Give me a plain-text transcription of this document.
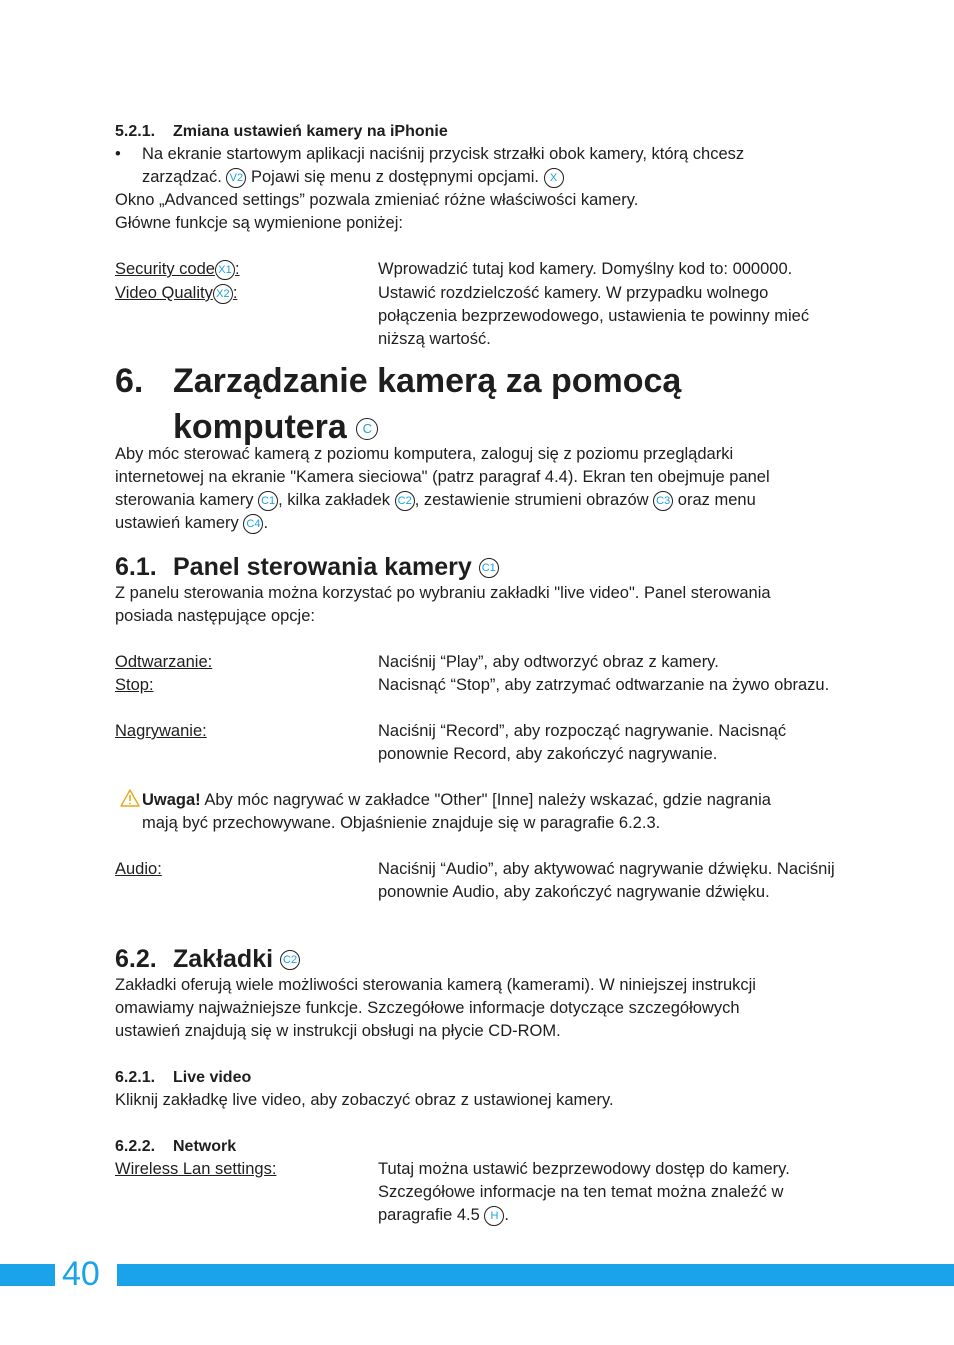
5.2.1. Zmiana ustawień kamery na iPhonie
• Na ekranie startowym aplikacji naciśnij przycisk strzałki obok kamery, którą chcesz
zarządzać. V2 Pojawi się menu z dostępnymi opcjami. X
Okno „Advanced settings” pozwala zmieniać różne właściwości kamery.
Główne funkcje są wymienione poniżej:
Security code X1 :	Wprowadzić tutaj kod kamery. Domyślny kod to: 000000.
Video Quality X2 :	Ustawić rozdzielczość kamery. W przypadku wolnego połączenia bezprzewodowego, ustawienia te powinny mieć niższą wartość.
6. Zarządzanie kamerą za pomocą
komputera C
Aby móc sterować kamerą z poziomu komputera, zaloguj się z poziomu przeglądarki
internetowej na ekranie "Kamera sieciowa" (patrz paragraf 4.4). Ekran ten obejmuje panel
sterowania kamery C1 , kilka zakładek C2 , zestawienie strumieni obrazów C3 oraz menu
ustawień kamery C4 .
6.1. Panel sterowania kamery C1
Z panelu sterowania można korzystać po wybraniu zakładki "live video". Panel sterowania
posiada następujące opcje:
Odtwarzanie:	Naciśnij “Play”, aby odtworzyć obraz z kamery.
Stop:	Nacisnąć “Stop”, aby zatrzymać odtwarzanie na żywo obrazu.
Nagrywanie:	Naciśnij “Record”, aby rozpocząć nagrywanie. Nacisnąć ponownie Record, aby zakończyć nagrywanie.
Uwaga! Aby móc nagrywać w zakładce "Other" [Inne] należy wskazać, gdzie nagrania
mają być przechowywane. Objaśnienie znajduje się w paragrafie 6.2.3.
Audio:	Naciśnij “Audio”, aby aktywować nagrywanie dźwięku. Naciśnij ponownie Audio, aby zakończyć nagrywanie dźwięku.
6.2. Zakładki C2
Zakładki oferują wiele możliwości sterowania kamerą (kamerami). W niniejszej instrukcji
omawiamy najważniejsze funkcje. Szczegółowe informacje dotyczące szczegółowych
ustawień znajdują się w instrukcji obsługi na płycie CD-ROM.
6.2.1. Live video
Kliknij zakładkę live video, aby zobaczyć obraz z ustawionej kamery.
6.2.2. Network
Wireless Lan settings:	Tutaj można ustawić bezprzewodowy dostęp do kamery.
Szczegółowe informacje na ten temat można znaleźć w
paragrafie 4.5 H .
40
